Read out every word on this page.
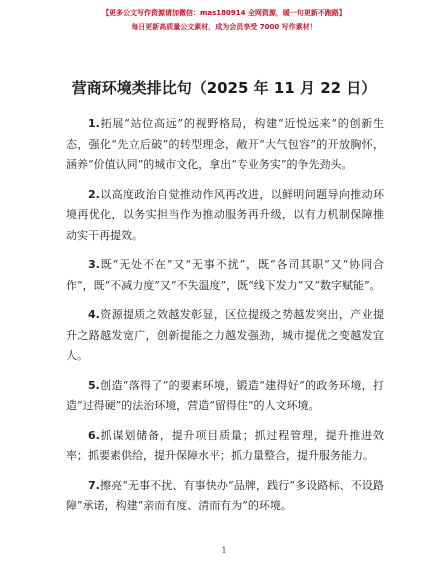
【更多公文写作资源请加微信：mas180914 全网资源，暖一句更新不跑路】
每日更新高质量公文素材，成为会员享受 7000 写作素材！
营商环境类排比句（2025 年 11 月 22 日）

1.拓展“站位高远”的视野格局，构建“近悦远来”的创新生态，强化“先立后破”的转型理念，敞开“大气包容”的开放胸怀，涵养“价值认同”的城市文化，拿出“专业务实”的争先劲头。

2.以高度政治自觉推动作风再改进，以鲜明问题导向推动环境再优化，以务实担当作为推动服务再升级，以有力机制保障推动实干再提效。

3.既“无处不在”又“无事不扰”，既“各司其职”又“协同合作”，既“不减力度”又“不失温度”，既“线下发力”又“数字赋能”。

4.资源提质之效越发彰显，区位提级之势越发突出，产业提升之路越发宽广，创新提能之力越发强劲，城市提优之变越发宜人。

5.创造“落得了”的要素环境，锻造“建得好”的政务环境，打造“过得硬”的法治环境，营造“留得住”的人文环境。

6.抓谋划储备，提升项目质量；抓过程管理，提升推进效率；抓要素供给，提升保障水平；抓力量整合，提升服务能力。

7.擦亮“无事不扰、有事快办”品牌，践行“多设路标、不设路障”承诺，构建“亲而有度、清而有为”的环境。

1
